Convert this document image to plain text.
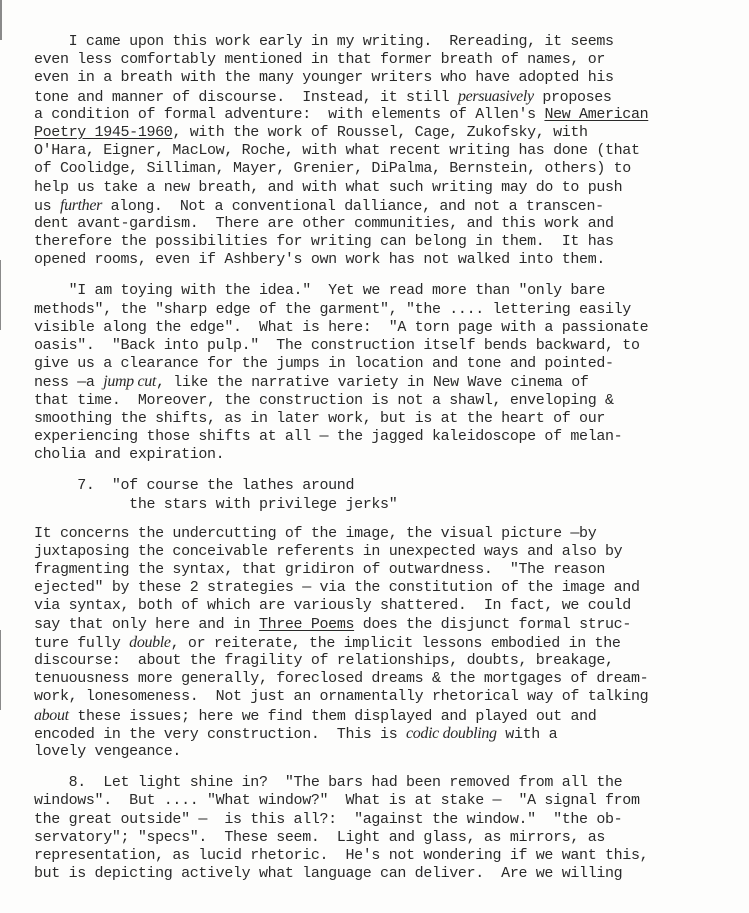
I came upon this work early in my writing.  Rereading, it seems
even less comfortably mentioned in that former breath of names, or
even in a breath with the many younger writers who have adopted his
tone and manner of discourse.  Instead, it still persuasively proposes
a condition of formal adventure:  with elements of Allen's New American
Poetry 1945-1960, with the work of Roussel, Cage, Zukofsky, with
O'Hara, Eigner, MacLow, Roche, with what recent writing has done (that
of Coolidge, Silliman, Mayer, Grenier, DiPalma, Bernstein, others) to
help us take a new breath, and with what such writing may do to push
us further along.  Not a conventional dalliance, and not a transcen-
dent avant-gardism.  There are other communities, and this work and
therefore the possibilities for writing can belong in them.  It has
opened rooms, even if Ashbery's own work has not walked into them.
"I am toying with the idea."  Yet we read more than "only bare
methods", the "sharp edge of the garment", "the .... lettering easily
visible along the edge".  What is here:  "A torn page with a passionate
oasis".  "Back into pulp."  The construction itself bends backward, to
give us a clearance for the jumps in location and tone and pointed-
ness —a jump cut, like the narrative variety in New Wave cinema of
that time.  Moreover, the construction is not a shawl, enveloping &
smoothing the shifts, as in later work, but is at the heart of our
experiencing those shifts at all — the jagged kaleidoscope of melan-
cholia and expiration.
7.  "of course the lathes around
the stars with privilege jerks"
It concerns the undercutting of the image, the visual picture —by
juxtaposing the conceivable referents in unexpected ways and also by
fragmenting the syntax, that gridiron of outwardness.  "The reason
ejected" by these 2 strategies — via the constitution of the image and
via syntax, both of which are variously shattered.  In fact, we could
say that only here and in Three Poems does the disjunct formal struc-
ture fully double, or reiterate, the implicit lessons embodied in the
discourse:  about the fragility of relationships, doubts, breakage,
tenuousness more generally, foreclosed dreams & the mortgages of dream-
work, lonesomeness.  Not just an ornamentally rhetorical way of talking
about these issues; here we find them displayed and played out and
encoded in the very construction.  This is codic doubling with a
lovely vengeance.
8.  Let light shine in?  "The bars had been removed from all the
windows".  But .... "What window?"  What is at stake —  "A signal from
the great outside" —  is this all?:  "against the window."  "the ob-
servatory"; "specs".  These seem.  Light and glass, as mirrors, as
representation, as lucid rhetoric.  He's not wondering if we want this,
but is depicting actively what language can deliver.  Are we willing
